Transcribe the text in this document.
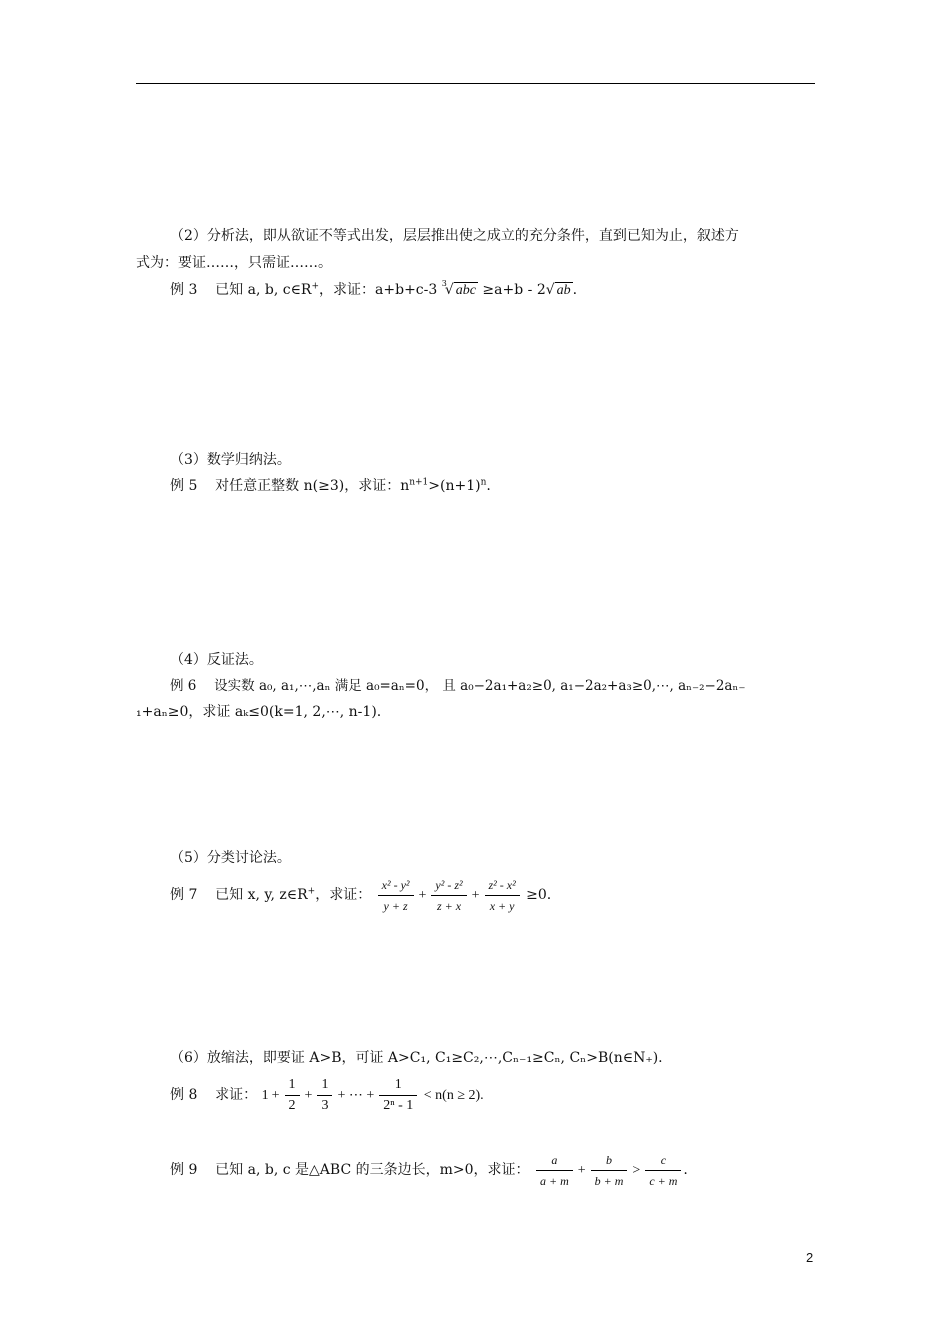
（2）分析法，即从欲证不等式出发，层层推出使之成立的充分条件，直到已知为止，叙述方
式为：要证……，只需证……。
例 3 已知 a, b, c∈R+，求证：a+b+c-3 $^3$√ abc ≥a+b - 2√ ab .
（3）数学归纳法。
例 5 对任意正整数 n(≥3)，求证：$n^{n+1}>(n+1)^n$.
（4）反证法。
例 6　 设实数 a₀, a₁,⋯,aₙ 满足 a₀=aₙ=0， 且 a₀−2a₁+a₂≥0, a₁−2a₂+a₃≥0,⋯, aₙ₋₂−2aₙ₋
₁+aₙ≥0，求证 aₖ≤0(k=1, 2,⋯, n-1).
（5）分类讨论法。
例 7 已知 x, y, z∈R+，求证： $\frac{\text{x² - y²}}{y + z} + \frac{\text{y² - z²}}{z + x} + \frac{\text{z² - x²}}{x + y} \ge 0$.
（6）放缩法，即要证 A>B，可证 A>C₁, C₁≥C₂,⋯,Cₙ₋₁≥Cₙ, Cₙ>B(n∈N₊).
例 8 求证： $1 + \frac{1}{2} + \frac{1}{3}$ + ⋯ + $\frac{1}{\text{2ⁿ - 1}} < n(n \ge 2)$.
例 9 已知 a, b, c 是△ABC 的三条边长，m>0，求证： $\frac{a}{a + m} + \frac{b}{b + m} > \frac{c}{c + m}$ .
2
